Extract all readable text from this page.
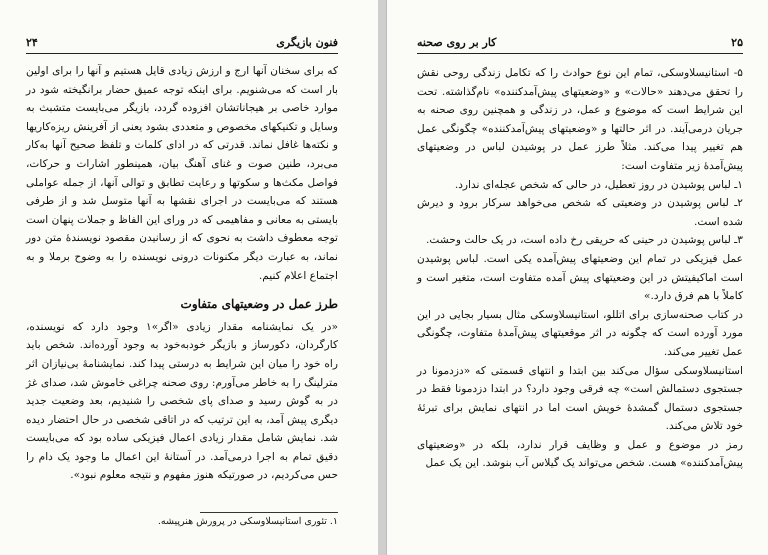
فنون بازیگری
۲۴

که برای سخنان آنها ارج و ارزش زیادی قایل هستیم و آنها را برای اولین بار است که می‌شنویم. برای اینکه توجه عمیق حضار برانگیخته شود در موارد خاصی بر هیجاناتشان افزوده گردد، بازیگر می‌بایست متشبث به وسایل و تکنیکهای مخصوص و متعددی بشود یعنی از آفرینش ریزه‌کاریها و نکته‌ها غافل نماند. قدرتی که در ادای کلمات و تلفظ صحیح آنها به‌کار می‌برد، طنین صوت و غنای آهنگ بیان، همینطور اشارات و حرکات، فواصل مکث‌ها و سکوتها و رعایت تطابق و توالی آنها، از جمله عواملی هستند که می‌بایست در اجرای نقشها به آنها متوسل شد و از طرفی بایستی به معانی و مفاهیمی که در ورای این الفاظ و جملات پنهان است توجه معطوف داشت به نحوی که از رسانیدن مقصود نویسندهٔ متن دور نماند، به عبارت دیگر مکنونات درونی نویسنده را به وضوح برملا و به اجتماع اعلام کنیم.

طرز عمل در وضعیتهای متفاوت

«در یک نمایشنامه مقدار زیادی «اگر»۱ وجود دارد که نویسنده، کارگردان، دکورساز و بازیگر خودبه‌خود به وجود آورده‌اند. شخص باید راه خود را میان این شرایط به درستی پیدا کند. نمایشنامهٔ بی‌نیازان اثر مترلینگ را به خاطر می‌آورم: روی صحنه چراغی خاموش شد، صدای غژ در به گوش رسید و صدای پای شخصی را شنیدیم، بعد وضعیت جدید دیگری پیش آمد، به این ترتیب که در اتاقی شخصی در حال احتضار دیده شد. نمایش شامل مقدار زیادی اعمال فیزیکی ساده بود که می‌بایست دقیق تمام به اجرا درمی‌آمد. در آستانهٔ این اعمال ما وجود یک دام را حس می‌کردیم، در صورتیکه هنوز مفهوم و نتیجه معلوم نبود».

۱. تئوری استانیسلاوسکی در پرورش هنرپیشه.
۲۵
کار بر روی صحنه

۵- استانیسلاوسکی، تمام این نوع حوادث را که تکامل زندگی روحی نقش را تحقق می‌دهند «حالات» و «وضعیتهای پیش‌آمدکننده» نام‌گذاشته. تحت این شرایط است که موضوع و عمل، در زندگی و همچنین روی صحنه به جریان درمی‌آیند. در اثر حالتها و «وضعیتهای پیش‌آمدکننده» چگونگی عمل هم تغییر پیدا می‌کند. مثلاً طرز عمل در پوشیدن لباس در وضعیتهای پیش‌آمدهٔ زیر متفاوت است:

۱ـ لباس پوشیدن در روز تعطیل، در حالی که شخص عجله‌ای ندارد.

۲ـ لباس پوشیدن در وضعیتی که شخص می‌خواهد سرکار برود و دیرش شده است.

۳ـ لباس پوشیدن در حینی که حریقی رخ داده است، در یک حالت وحشت.

عمل فیزیکی در تمام این وضعیتهای پیش‌آمده یکی است. لباس پوشیدن است اماکیفیتش در این وضعیتهای پیش آمده متفاوت است، متغیر است و کاملاً با هم فرق دارد.»

در کتاب صحنه‌سازی برای اتللو، استانیسلاوسکی مثال بسیار بجایی در این مورد آورده است که چگونه در اثر موقعیتهای پیش‌آمدهٔ متفاوت، چگونگی عمل تغییر می‌کند.

استانیسلاوسکی سؤال می‌کند بین ابتدا و انتهای قسمتی که «دزدمونا در جستجوی دستمالش است» چه فرقی وجود دارد؟ در ابتدا دزدمونا فقط در جستجوی دستمال گمشدهٔ خویش است اما در انتهای نمایش برای تبرئهٔ خود تلاش می‌کند.

رمز در موضوع و عمل و وظایف قرار ندارد، بلکه در «وضعیتهای پیش‌آمدکننده» هست. شخص می‌تواند یک گیلاس آب بنوشد. این یک عمل
